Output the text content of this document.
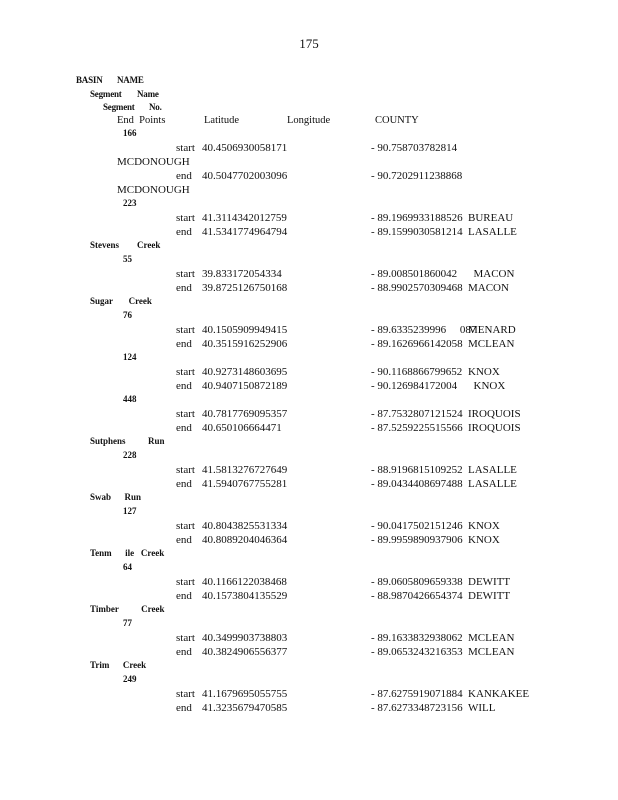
175
BASIN NAME
Segment Name
Segment No.
End  Points	Latitude	Longitude	COUNTY
166
start 40.4506930058171	- 90.758703782814
MCDONOUGH
end 40.5047702003096	- 90.7202911238868
MCDONOUGH
223
start 41.3114342012759	- 89.1969933188526 BUREAU
end 41.5341774964794	- 89.1599030581214 LASALLE
Stevens        Creek
55
start 39.833172054334	- 89.008501860042 MACON
end 39.8725126750168	- 88.9902570309468 MACON
Sugar       Creek
76
start 40.1505909949415	- 89.6335239996     087
MENARD
end 40.3515916252906	- 89.1626966142058 MCLEAN
124
start 40.9273148603695	- 90.1168866799652 KNOX
end 40.9407150872189	- 90.126984172004 KNOX
448
start 40.7817769095357	- 87.7532807121524 IROQUOIS
end 40.650106664471	- 87.5259225515566 IROQUOIS
Sutphens          Run
228
start 41.5813276727649	- 88.9196815109252 LASALLE
end 41.5940767755281	- 89.0434408697488 LASALLE
Swab      Run
127
start 40.8043825531334	- 90.0417502151246 KNOX
end 40.8089204046364	- 89.9959890937906 KNOX
Tenm      ile   Creek
64
start 40.1166122038468	- 89.0605809659338 DEWITT
end 40.1573804135529	- 88.9870426654374 DEWITT
Timber          Creek
77
start 40.3499903738803	- 89.1633832938062 MCLEAN
end 40.3824906556377	- 89.0653243216353 MCLEAN
Trim      Creek
249
start 41.1679695055755	- 87.6275919071884 KANKAKEE
end 41.3235679470585	- 87.6273348723156 WILL
